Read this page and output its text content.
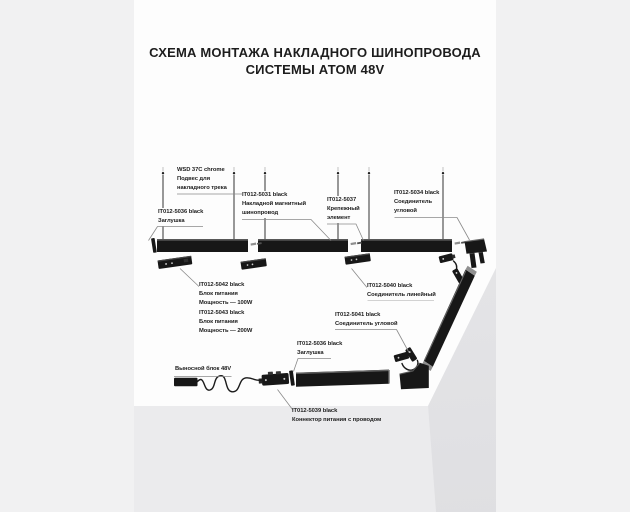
СХЕМА МОНТАЖА НАКЛАДНОГО ШИНОПРОВОДА
СИСТЕМЫ АТОМ 48V
WSD 37C chrome
Подвес для
накладного трека
IT012-5036 black
Заглушка
IT012-5031 black
Накладной магнитный
шинопровод
IT012-5037
Крепежный
элемент
IT012-5034 black
Соединитель
угловой
IT012-5042 black
Блок питания
Мощность — 100W
IT012-5043 black
Блок питания
Мощность — 200W
IT012-5040 black
Соединитель линейный
IT012-5041 black
Соединитель угловой
IT012-5036 black
Заглушка
Выносной блок 48V
IT012-5039 black
Коннектор питания с проводом
